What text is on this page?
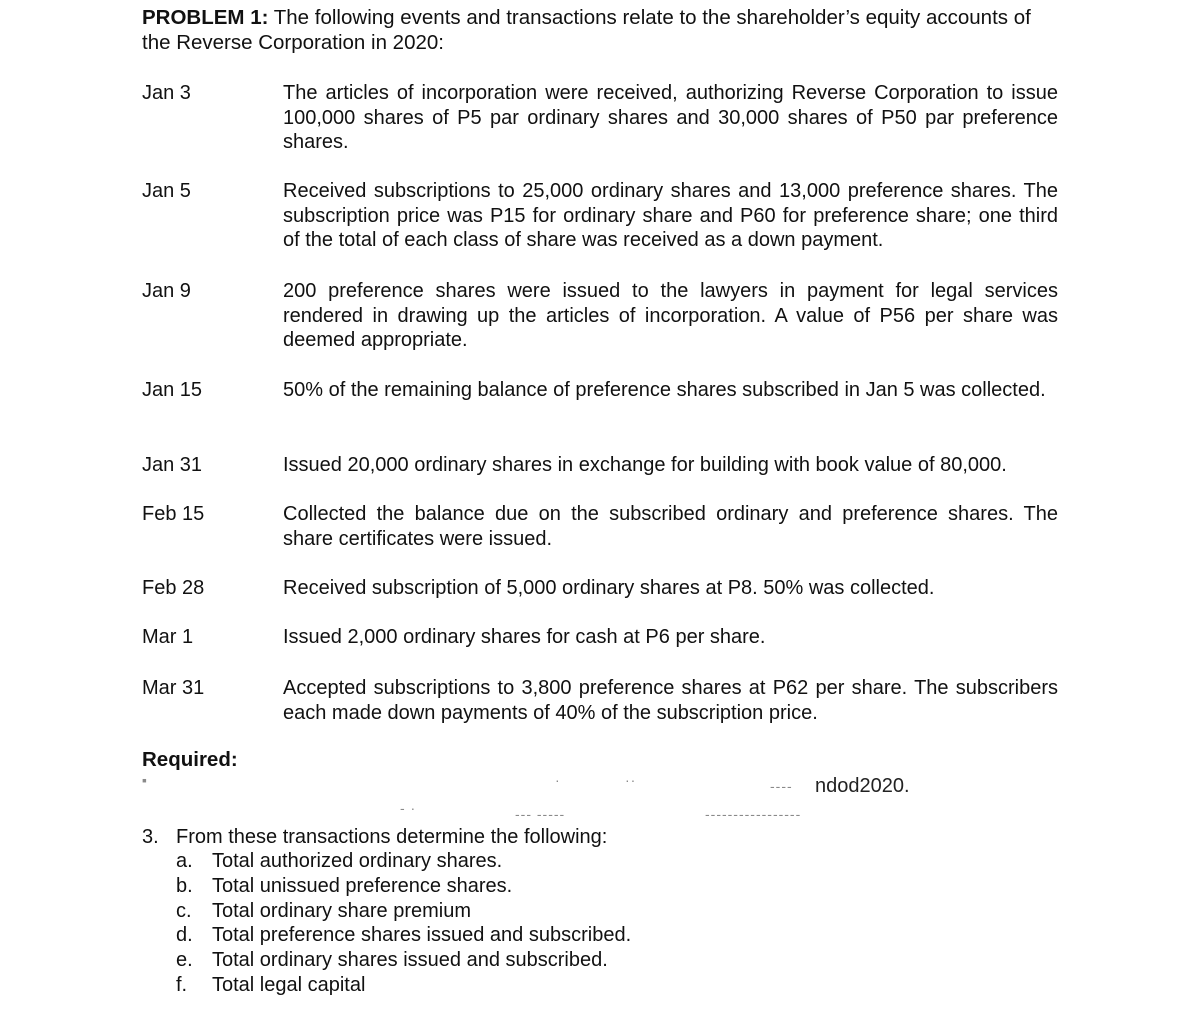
PROBLEM 1: The following events and transactions relate to the shareholder’s equity accounts of the Reverse Corporation in 2020:
Jan 3	The articles of incorporation were received, authorizing Reverse Corporation to issue 100,000 shares of P5 par ordinary shares and 30,000 shares of P50 par preference shares.
Jan 5	Received subscriptions to 25,000 ordinary shares and 13,000 preference shares. The subscription price was P15 for ordinary share and P60 for preference share; one third of the total of each class of share was received as a down payment.
Jan 9	200 preference shares were issued to the lawyers in payment for legal services rendered in drawing up the articles of incorporation. A value of P56 per share was deemed appropriate.
Jan 15	50% of the remaining balance of preference shares subscribed in Jan 5 was collected.
Jan 31	Issued 20,000 ordinary shares in exchange for building with book value of 80,000.
Feb 15	Collected the balance due on the subscribed ordinary and preference shares. The share certificates were issued.
Feb 28	Received subscription of 5,000 ordinary shares at P8. 50% was collected.
Mar 1	Issued 2,000 ordinary shares for cash at P6 per share.
Mar 31	Accepted subscriptions to 3,800 preference shares at P62 per share. The subscribers each made down payments of 40% of the subscription price.
Required:
▪	·	··	‐‐‐‐ ndod2020.
‐ ·	‐‐‐ ‐‐‐‐‐	‐‐‐‐‐‐‐‐‐‐‐‐‐‐‐‐‐
3. From these transactions determine the following:
a. Total authorized ordinary shares.
b. Total unissued preference shares.
c. Total ordinary share premium
d. Total preference shares issued and subscribed.
e. Total ordinary shares issued and subscribed.
f. Total legal capital
